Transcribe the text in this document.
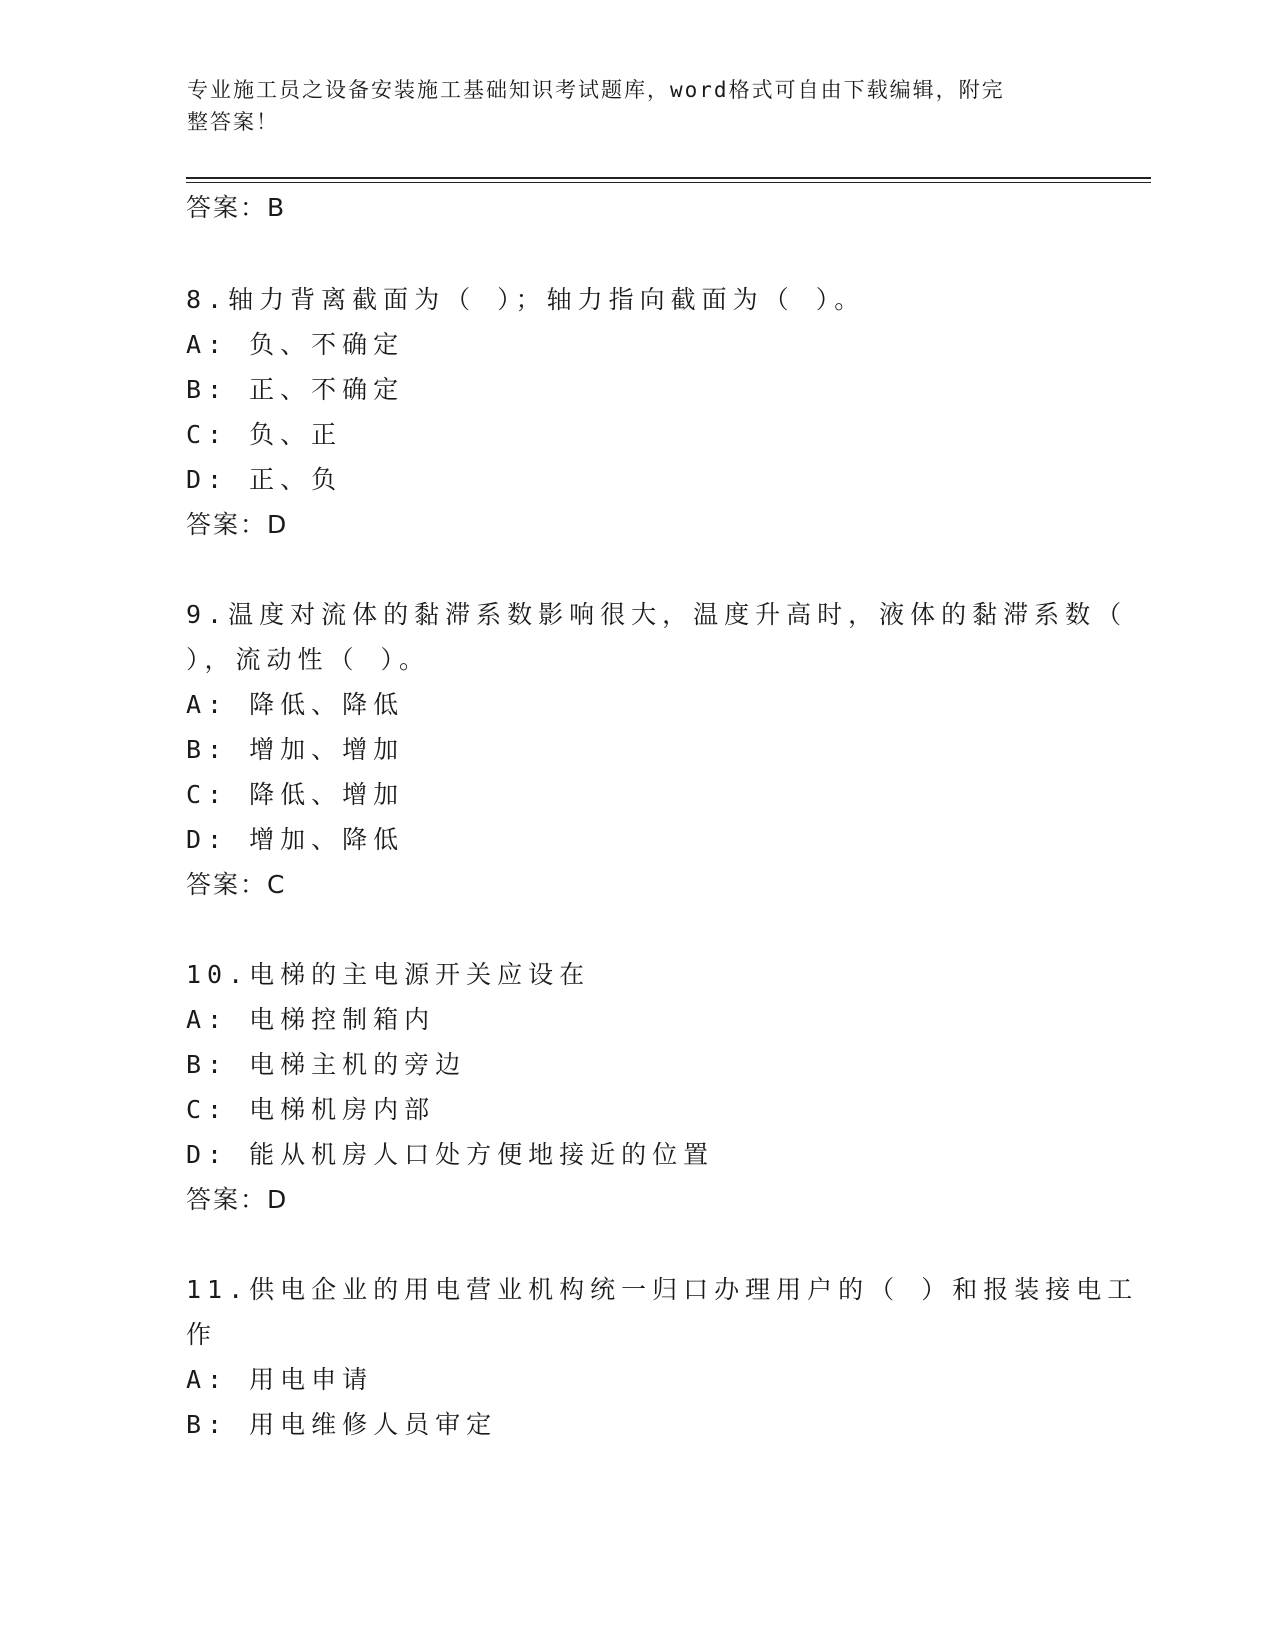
专业施工员之设备安装施工基础知识考试题库，word格式可自由下载编辑，附完
整答案！
答案：B
8.轴力背离截面为（ ）；轴力指向截面为（ ）。
A: 负、不确定
B: 正、不确定
C: 负、正
D: 正、负
答案：D
9.温度对流体的黏滞系数影响很大，温度升高时，液体的黏滞系数（
），流动性（ ）。
A: 降低、降低
B: 增加、增加
C: 降低、增加
D: 增加、降低
答案：C
10.电梯的主电源开关应设在
A: 电梯控制箱内
B: 电梯主机的旁边
C: 电梯机房内部
D: 能从机房人口处方便地接近的位置
答案：D
11.供电企业的用电营业机构统一归口办理用户的（ ）和报装接电工
作
A: 用电申请
B: 用电维修人员审定
